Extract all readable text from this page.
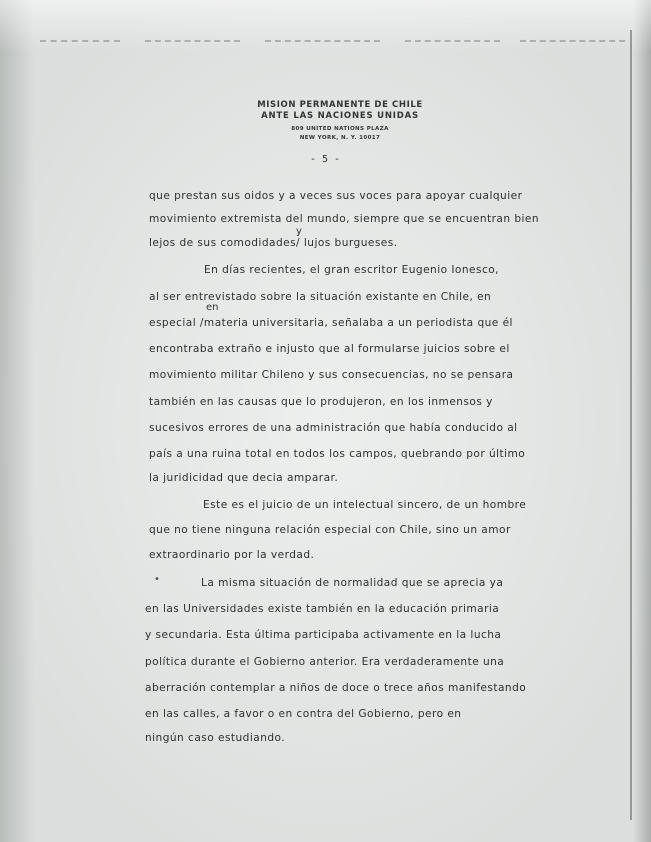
MISION PERMANENTE DE CHILE
ANTE LAS NACIONES UNIDAS
809 UNITED NATIONS PLAZA
NEW YORK, N. Y. 10017
- 5 -
y
en
que prestan sus oidos y a veces sus voces para apoyar cualquier
movimiento extremista del mundo, siempre que se encuentran bien
lejos de sus comodidades/ lujos burgueses.
En días recientes, el gran escritor Eugenio Ionesco,
al ser entrevistado sobre la situación existante en Chile, en
especial /materia universitaria, señalaba a un periodista que él
encontraba extraño e injusto que al formularse juicios sobre el
movimiento militar Chileno y sus consecuencias, no se pensara
también en las causas que lo produjeron, en los inmensos y
sucesivos errores de una administración que había conducido al
país a una ruina total en todos los campos, quebrando por último
la juridicidad que decia amparar.
Este es el juicio de un intelectual sincero, de un hombre
que no tiene ninguna relación especial con Chile, sino un amor
extraordinario por la verdad.
•	La misma situación de normalidad que se aprecia ya
en las Universidades existe también en la educación primaria
y secundaria. Esta última participaba activamente en la lucha
política durante el Gobierno anterior. Era verdaderamente una
aberración contemplar a niños de doce o trece años manifestando
en las calles, a favor o en contra del Gobierno, pero en
ningún caso estudiando.
